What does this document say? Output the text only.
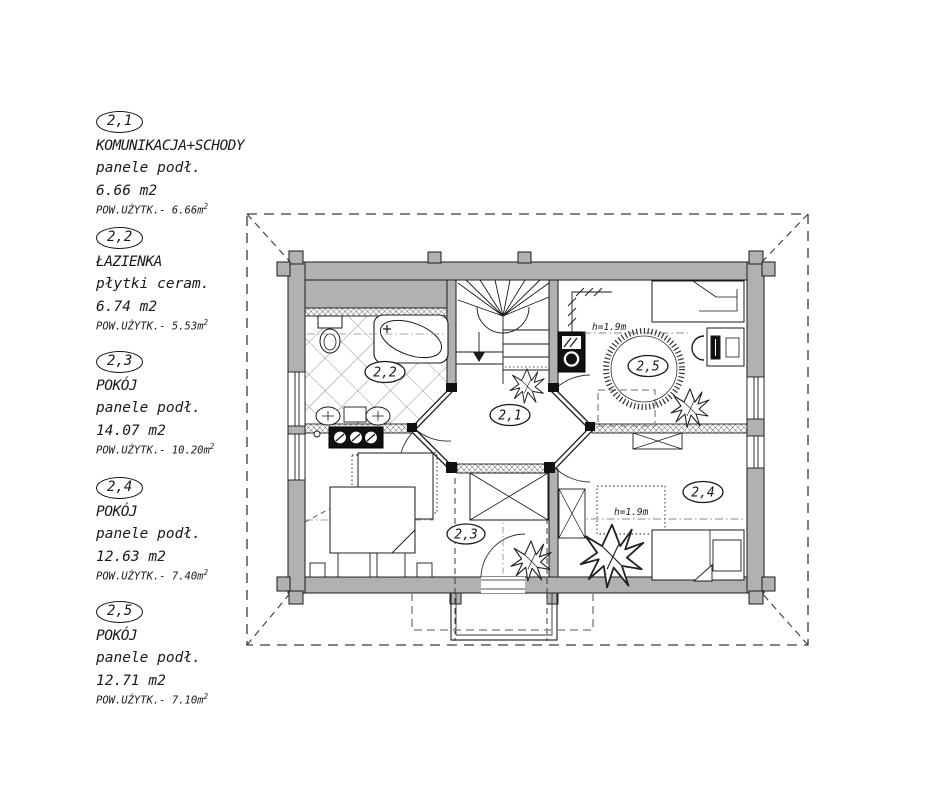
2,1
2,2
2,3
2,4
2,5
h=1.9m
h=1.9m
2,1
KOMUNIKACJA+SCHODY
panele podł.
6.66 m2
POW.UŻYTK.- $6.66m^2$
2,2
ŁAZIENKA
płytki ceram.
6.74 m2
POW.UŻYTK.- $5.53m^2$
2,3
POKÓJ
panele podł.
14.07 m2
POW.UŻYTK.- $10.20m^2$
2,4
POKÓJ
panele podł.
12.63 m2
POW.UŻYTK.- $7.40m^2$
2,5
POKÓJ
panele podł.
12.71 m2
POW.UŻYTK.- $7.10m^2$
